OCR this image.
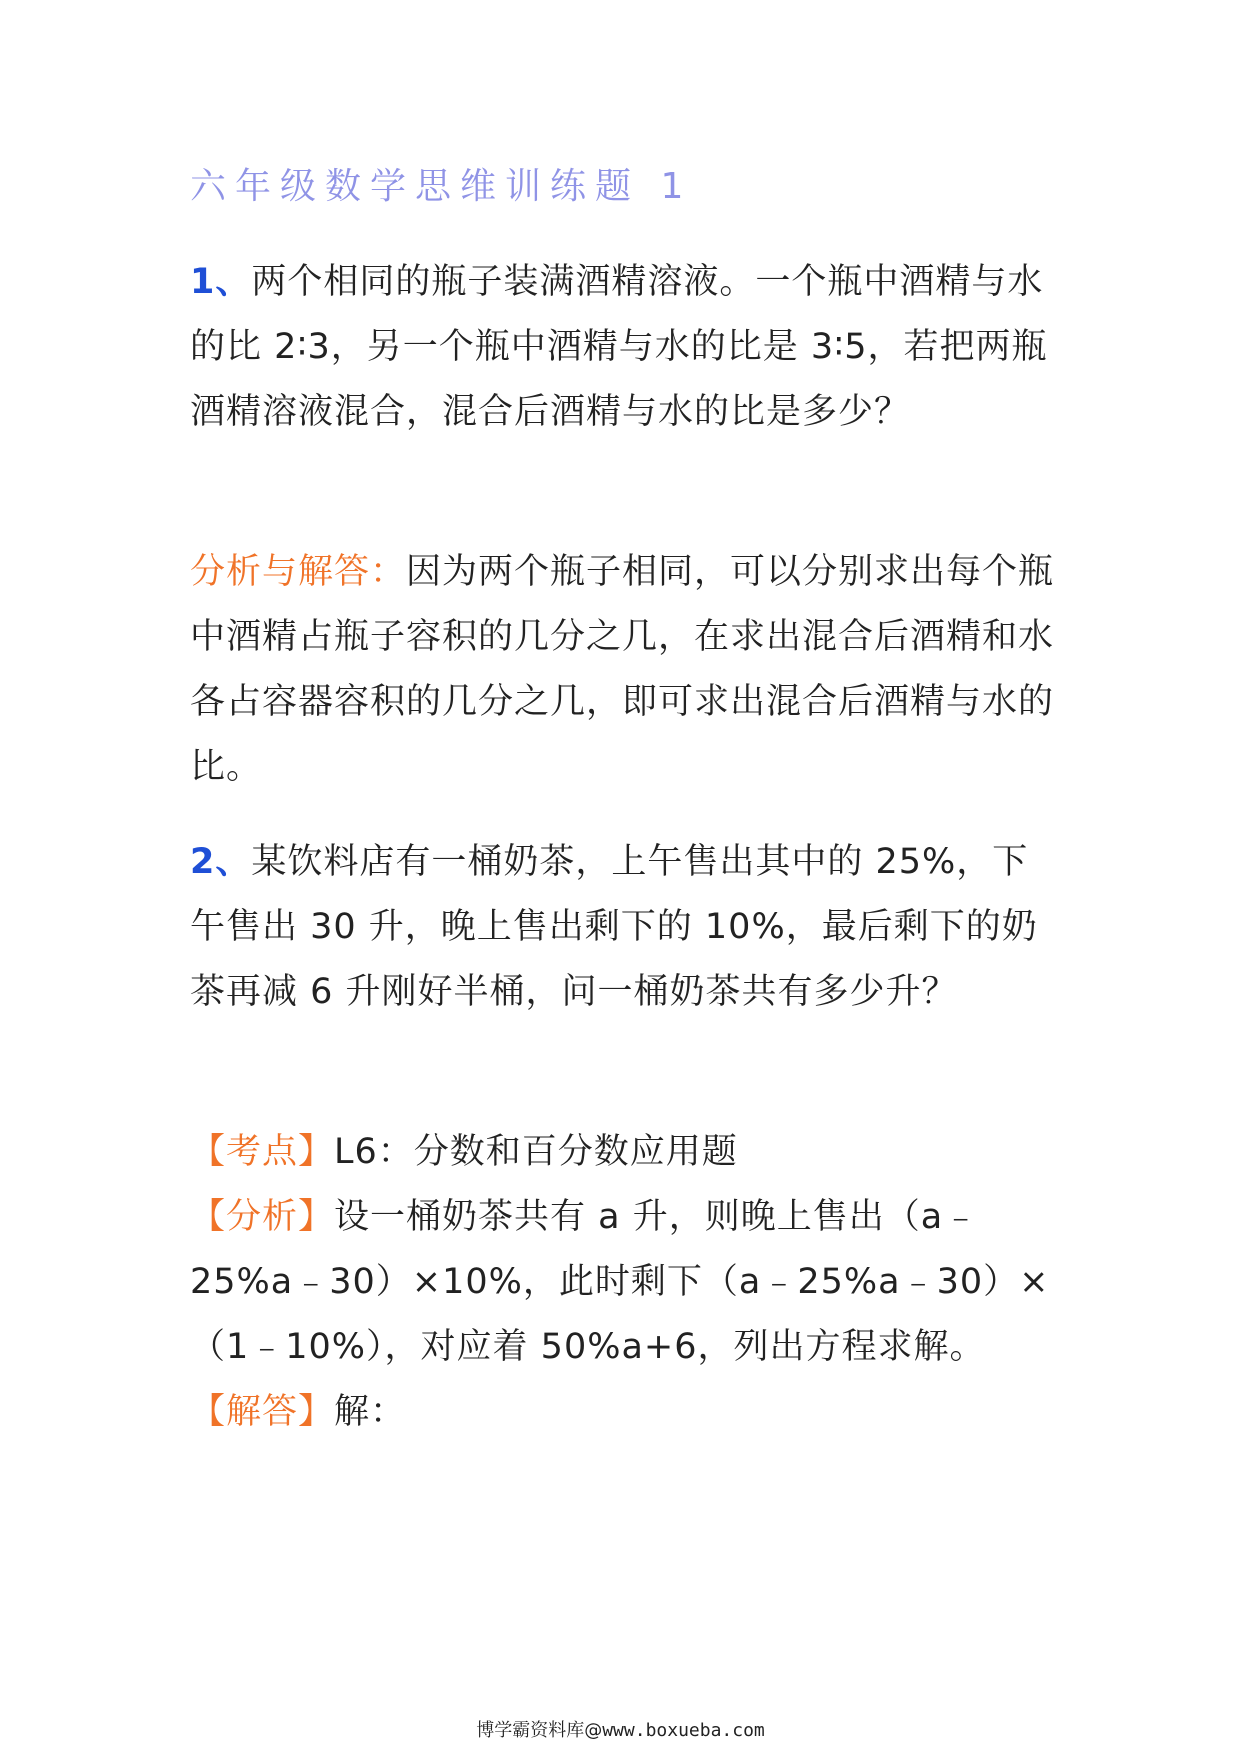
六年级数学思维训练题 1

1、两个相同的瓶子装满酒精溶液。一个瓶中酒精与水的比 2∶3，另一个瓶中酒精与水的比是 3∶5，若把两瓶酒精溶液混合，混合后酒精与水的比是多少？

分析与解答：因为两个瓶子相同，可以分别求出每个瓶中酒精占瓶子容积的几分之几，在求出混合后酒精和水各占容器容积的几分之几，即可求出混合后酒精与水的比。

2、某饮料店有一桶奶茶，上午售出其中的 25%，下午售出 30 升，晚上售出剩下的 10%，最后剩下的奶茶再减 6 升刚好半桶，问一桶奶茶共有多少升？

【考点】L6：分数和百分数应用题

【分析】设一桶奶茶共有 a 升，则晚上售出（a﹣25%a﹣30）×10%，此时剩下（a﹣25%a﹣30）×（1﹣10%），对应着 50%a+6，列出方程求解。

【解答】解：

博学霸资料库@www.boxueba.com
